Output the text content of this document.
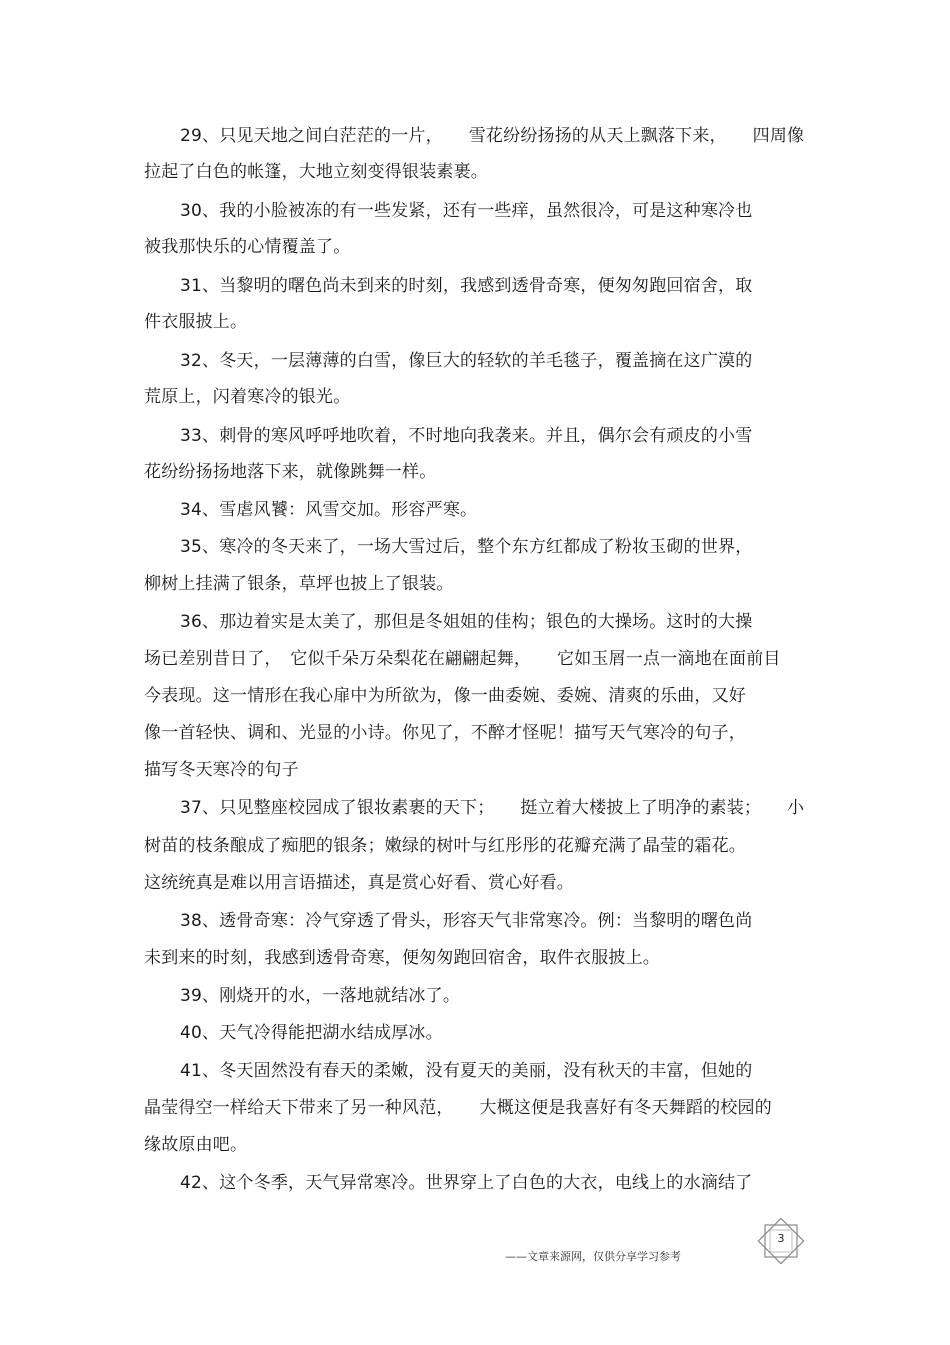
29、只见天地之间白茫茫的一片，　　雪花纷纷扬扬的从天上飘落下来，　　四周像
拉起了白色的帐篷，大地立刻变得银装素裹。
30、我的小脸被冻的有一些发紧，还有一些痒，虽然很冷，可是这种寒冷也
被我那快乐的心情覆盖了。
31、当黎明的曙色尚未到来的时刻，我感到透骨奇寒，便匆匆跑回宿舍，取
件衣服披上。
32、冬天，一层薄薄的白雪，像巨大的轻软的羊毛毯子，覆盖摘在这广漠的
荒原上，闪着寒冷的银光。
33、刺骨的寒风呼呼地吹着，不时地向我袭来。并且，偶尔会有顽皮的小雪
花纷纷扬扬地落下来，就像跳舞一样。
34、雪虐风饕：风雪交加。形容严寒。
35、寒冷的冬天来了，一场大雪过后，整个东方红都成了粉妆玉砌的世界，
柳树上挂满了银条，草坪也披上了银装。
36、那边着实是太美了，那但是冬姐姐的佳构；银色的大操场。这时的大操
场已差别昔日了，　它似千朵万朵梨花在翩翩起舞，　　它如玉屑一点一滴地在面前目
今表现。这一情形在我心扉中为所欲为，像一曲委婉、委婉、清爽的乐曲，又好
像一首轻快、调和、光显的小诗。你见了，不醉才怪呢！描写天气寒冷的句子，
描写冬天寒冷的句子
37、只见整座校园成了银妆素裹的天下；　　挺立着大楼披上了明净的素装；　　小
树苗的枝条酿成了痴肥的银条；嫩绿的树叶与红彤彤的花瓣充满了晶莹的霜花。
这统统真是难以用言语描述，真是赏心好看、赏心好看。
38、透骨奇寒：冷气穿透了骨头，形容天气非常寒冷。例：当黎明的曙色尚
未到来的时刻，我感到透骨奇寒，便匆匆跑回宿舍，取件衣服披上。
39、刚烧开的水，一落地就结冰了。
40、天气冷得能把湖水结成厚冰。
41、冬天固然没有春天的柔嫩，没有夏天的美丽，没有秋天的丰富，但她的
晶莹得空一样给天下带来了另一种风范，　　大概这便是我喜好有冬天舞蹈的校园的
缘故原由吧。
42、这个冬季，天气异常寒冷。世界穿上了白色的大衣，电线上的水滴结了
3
——文章来源网，仅供分享学习参考
